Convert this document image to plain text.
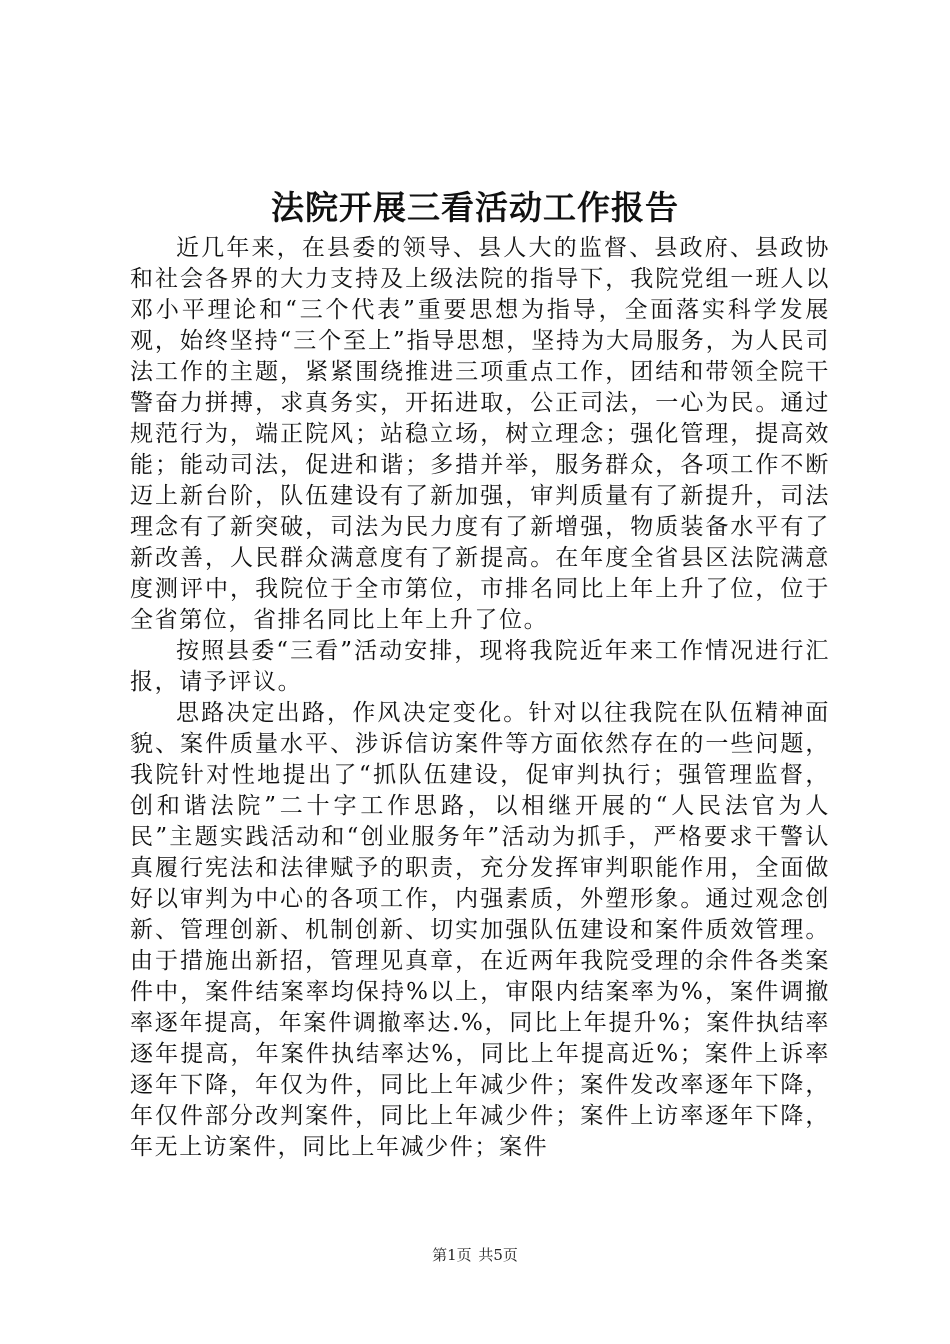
法院开展三看活动工作报告

近几年来，在县委的领导、县人大的监督、县政府、县政协和社会各界的大力支持及上级法院的指导下，我院党组一班人以邓小平理论和“三个代表”重要思想为指导，全面落实科学发展观，始终坚持“三个至上”指导思想，坚持为大局服务，为人民司法工作的主题，紧紧围绕推进三项重点工作，团结和带领全院干警奋力拼搏，求真务实，开拓进取，公正司法，一心为民。通过规范行为，端正院风；站稳立场，树立理念；强化管理，提高效能；能动司法，促进和谐；多措并举，服务群众，各项工作不断迈上新台阶，队伍建设有了新加强，审判质量有了新提升，司法理念有了新突破，司法为民力度有了新增强，物质装备水平有了新改善，人民群众满意度有了新提高。在年度全省县区法院满意度测评中，我院位于全市第位，市排名同比上年上升了位，位于全省第位，省排名同比上年上升了位。

按照县委“三看”活动安排，现将我院近年来工作情况进行汇报，请予评议。

思路决定出路，作风决定变化。针对以往我院在队伍精神面貌、案件质量水平、涉诉信访案件等方面依然存在的一些问题，我院针对性地提出了“抓队伍建设，促审判执行；强管理监督，创和谐法院”二十字工作思路，以相继开展的“人民法官为人民”主题实践活动和“创业服务年”活动为抓手，严格要求干警认真履行宪法和法律赋予的职责，充分发挥审判职能作用，全面做好以审判为中心的各项工作，内强素质，外塑形象。通过观念创新、管理创新、机制创新、切实加强队伍建设和案件质效管理。由于措施出新招，管理见真章，在近两年我院受理的余件各类案件中，案件结案率均保持%以上，审限内结案率为%，案件调撤率逐年提高，年案件调撤率达.%，同比上年提升%；案件执结率逐年提高，年案件执结率达%，同比上年提高近%；案件上诉率逐年下降，年仅为件，同比上年减少件；案件发改率逐年下降，年仅件部分改判案件，同比上年减少件；案件上访率逐年下降，年无上访案件，同比上年减少件；案件

第1页 共5页
